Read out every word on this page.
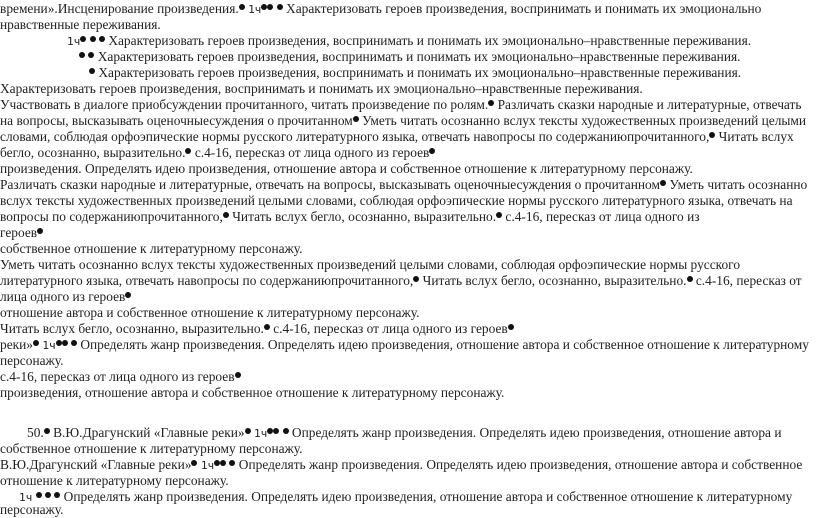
времени».Инсценирование произведения. 1ч  Характеризовать героев произведения, воспринимать и понимать их эмоционально
нравственные переживания.
1ч   Характеризовать героев произведения, воспринимать и понимать их эмоционально–нравственные переживания.
Характеризовать героев произведения, воспринимать и понимать их эмоционально–нравственные переживания.
Характеризовать героев произведения, воспринимать и понимать их эмоционально–нравственные переживания.
Характеризовать героев произведения, воспринимать и понимать их эмоционально–нравственные переживания.
Участвовать в диалоге приобсуждении прочитанного, читать произведение по ролям. Различать сказки народные и литературные, отвечать
на вопросы, высказывать оценочныесуждения о прочитанном Уметь читать осознанно вслух тексты художественных произведений целыми
словами, соблюдая орфоэпические нормы русского литературного языка, отвечать навопросы по содержаниюпрочитанного, Читать вслух
бегло, осознанно, выразительно. с.4-16, пересказ от лица одного из героев
произведения. Определять идею произведения, отношение автора и собственное отношение к литературному персонажу.
Различать сказки народные и литературные, отвечать на вопросы, высказывать оценочныесуждения о прочитанном Уметь читать осознанно
вслух тексты художественных произведений целыми словами, соблюдая орфоэпические нормы русского литературного языка, отвечать на
вопросы по содержаниюпрочитанного, Читать вслух бегло, осознанно, выразительно. с.4-16, пересказ от лица одного из
героев
собственное отношение к литературному персонажу.
Уметь читать осознанно вслух тексты художественных произведений целыми словами, соблюдая орфоэпические нормы русского
литературного языка, отвечать навопросы по содержаниюпрочитанного, Читать вслух бегло, осознанно, выразительно. с.4-16, пересказ от
лица одного из героев
отношение автора и собственное отношение к литературному персонажу.
Читать вслух бегло, осознанно, выразительно. с.4-16, пересказ от лица одного из героев
реки» 1ч  Определять жанр произведения. Определять идею произведения, отношение автора и собственное отношение к литературному
персонажу.
с.4-16, пересказ от лица одного из героев
произведения, отношение автора и собственное отношение к литературному персонажу.
50. В.Ю.Драгунский «Главные реки» 1ч  Определять жанр произведения. Определять идею произведения, отношение автора и
собственное отношение к литературному персонажу.
В.Ю.Драгунский «Главные реки» 1ч  Определять жанр произведения. Определять идею произведения, отношение автора и собственное
отношение к литературному персонажу.
1ч    Определять жанр произведения. Определять идею произведения, отношение автора и собственное отношение к литературному
персонажу.
